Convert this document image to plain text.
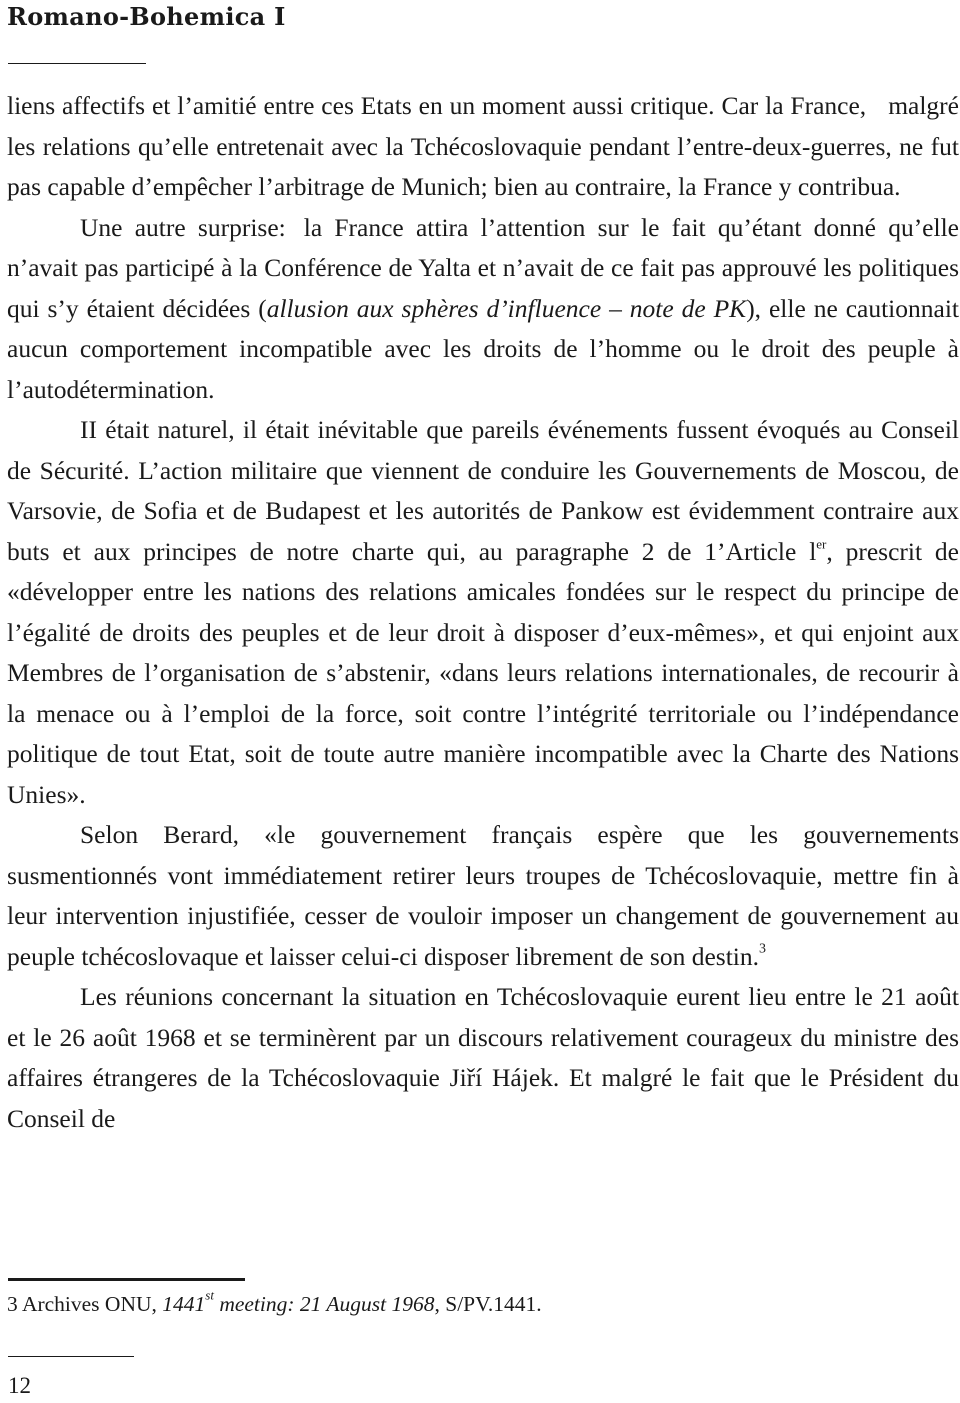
Romano-Bohemica I

liens affectifs et l’amitié entre ces Etats en un moment aussi critique. Car la France, malgré les relations qu’elle entretenait avec la Tchécoslovaquie pendant l’entre-deux-guerres, ne fut pas capable d’empêcher l’arbitrage de Munich; bien au contraire, la France y contribua.

Une autre surprise: la France attira l’attention sur le fait qu’étant donné qu’elle n’avait pas participé à la Conférence de Yalta et n’avait de ce fait pas approuvé les politiques qui s’y étaient décidées (allusion aux sphères d’influence – note de PK), elle ne cautionnait aucun comportement incompatible avec les droits de l’homme ou le droit des peuple à l’autodétermination.

II était naturel, il était inévitable que pareils événements fussent évoqués au Conseil de Sécurité. L’action militaire que viennent de conduire les Gouvernements de Moscou, de Varsovie, de Sofia et de Budapest et les autorités de Pankow est évidemment contraire aux buts et aux principes de notre charte qui, au paragraphe 2 de 1’Article $l^{er}$, prescrit de «développer entre les nations des relations amicales fondées sur le respect du principe de l’égalité de droits des peuples et de leur droit à disposer d’eux-mêmes», et qui enjoint aux Membres de l’organisation de s’abstenir, «dans leurs relations internationales, de recourir à la menace ou à l’emploi de la force, soit contre l’intégrité territoriale ou l’indépendance politique de tout Etat, soit de toute autre manière incompatible avec la Charte des Nations Unies».

Selon Berard, «le gouvernement français espère que les gouvernements susmentionnés vont immédiatement retirer leurs troupes de Tchécoslovaquie, mettre fin à leur intervention injustifiée, cesser de vouloir imposer un changement de gouvernement au peuple tchécoslovaque et laisser celui-ci disposer librement de son destin.$^3$

Les réunions concernant la situation en Tchécoslovaquie eurent lieu entre le 21 août et le 26 août 1968 et se terminèrent par un discours relativement courageux du ministre des affaires étrangeres de la Tchécoslovaquie Jiří Hájek. Et malgré le fait que le Président du Conseil de

3 Archives ONU, 1441st meeting: 21 August 1968, S/PV.1441.
12
